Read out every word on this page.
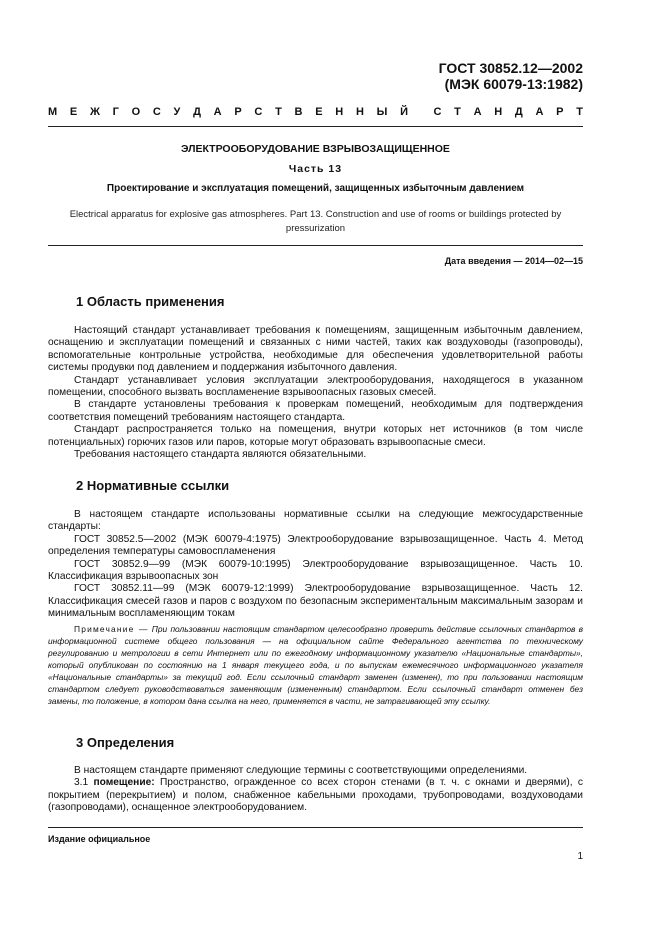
ГОСТ 30852.12—2002
(МЭК 60079-13:1982)
М Е Ж Г О С У Д А Р С Т В Е Н Н Ы Й С Т А Н Д А Р Т
ЭЛЕКТРООБОРУДОВАНИЕ ВЗРЫВОЗАЩИЩЕННОЕ
Часть 13
Проектирование и эксплуатация помещений, защищенных избыточным давлением
Electrical apparatus for explosive gas atmospheres. Part 13. Construction and use of rooms or buildings protected by
pressurization
Дата введения — 2014—02—15
1 Область применения

Настоящий стандарт устанавливает требования к помещениям, защищенным избыточным давлением, оснащению и эксплуатации помещений и связанных с ними частей, таких как воздуховоды (газопроводы), вспомогательные контрольные устройства, необходимые для обеспечения удовлетворительной работы системы продувки под давлением и поддержания избыточного давления.

Стандарт устанавливает условия эксплуатации электрооборудования, находящегося в указанном помещении, способного вызвать воспламенение взрывоопасных газовых смесей.

В стандарте установлены требования к проверкам помещений, необходимым для подтверждения соответствия помещений требованиям настоящего стандарта.

Стандарт распространяется только на помещения, внутри которых нет источников (в том числе потенциальных) горючих газов или паров, которые могут образовать взрывоопасные смеси.

Требования настоящего стандарта являются обязательными.

2 Нормативные ссылки

В настоящем стандарте использованы нормативные ссылки на следующие межгосударственные стандарты:

ГОСТ 30852.5—2002 (МЭК 60079-4:1975) Электрооборудование взрывозащищенное. Часть 4. Метод определения температуры самовоспламенения

ГОСТ 30852.9—99 (МЭК 60079-10:1995) Электрооборудование взрывозащищенное. Часть 10. Классификация взрывоопасных зон

ГОСТ 30852.11—99 (МЭК 60079-12:1999) Электрооборудование взрывозащищенное. Часть 12. Классификация смесей газов и паров с воздухом по безопасным экспериментальным максимальным зазорам и минимальным воспламеняющим токам

Примечание — При пользовании настоящим стандартом целесообразно проверить действие ссылочных стандартов в информационной системе общего пользования — на официальном сайте Федерального агентства по техническому регулированию и метрологии в сети Интернет или по ежегодному информационному указателю «Национальные стандарты», который опубликован по состоянию на 1 января текущего года, и по выпускам ежемесячного информационного указателя «Национальные стандарты» за текущий год. Если ссылочный стандарт заменен (изменен), то при пользовании настоящим стандартом следует руководствоваться заменяющим (измененным) стандартом. Если ссылочный стандарт отменен без замены, то положение, в котором дана ссылка на него, применяется в части, не затрагивающей эту ссылку.
3 Определения

В настоящем стандарте применяют следующие термины с соответствующими определениями.

3.1 помещение: Пространство, огражденное со всех сторон стенами (в т. ч. с окнами и дверями), с покрытием (перекрытием) и полом, снабженное кабельными проходами, трубопроводами, воздуховодами (газопроводами), оснащенное электрооборудованием.

Издание официальное
1
